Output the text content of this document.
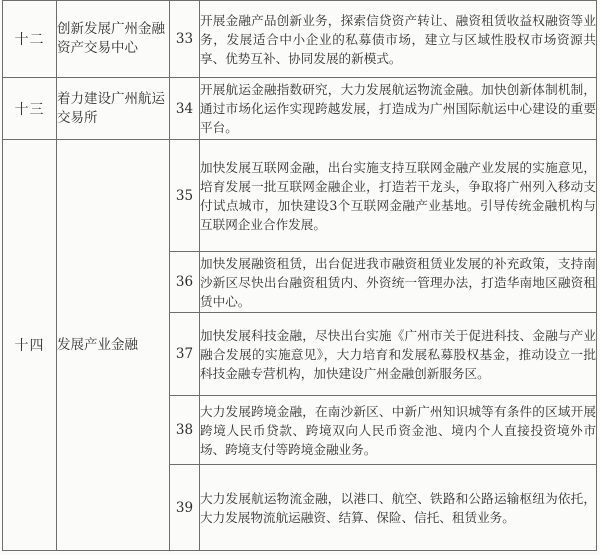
十二	创新发展广州金融资产交易中心	33	开展金融产品创新业务，探索信贷资产转让、融资租赁收益权融资等业务，发展适合中小企业的私募债市场，建立与区域性股权市场资源共享、优势互补、协同发展的新模式。

十三	着力建设广州航运交易所	34	开展航运金融指数研究，大力发展航运物流金融。加快创新体制机制，通过市场化运作实现跨越发展，打造成为广州国际航运中心建设的重要平台。

十四	发展产业金融	35	加快发展互联网金融，出台实施支持互联网金融产业发展的实施意见，培育发展一批互联网金融企业，打造若干龙头，争取将广州列入移动支付试点城市，加快建设3个互联网金融产业基地。引导传统金融机构与互联网企业合作发展。

		36	加快发展融资租赁，出台促进我市融资租赁业发展的补充政策，支持南沙新区尽快出台融资租赁内、外资统一管理办法，打造华南地区融资租赁中心。

		37	加快发展科技金融，尽快出台实施《广州市关于促进科技、金融与产业融合发展的实施意见》，大力培育和发展私募股权基金，推动设立一批科技金融专营机构，加快建设广州金融创新服务区。

		38	大力发展跨境金融，在南沙新区、中新广州知识城等有条件的区域开展跨境人民币贷款、跨境双向人民币资金池、境内个人直接投资境外市场、跨境支付等跨境金融业务。

		39	大力发展航运物流金融，以港口、航空、铁路和公路运输枢纽为依托，大力发展物流航运融资、结算、保险、信托、租赁业务。
